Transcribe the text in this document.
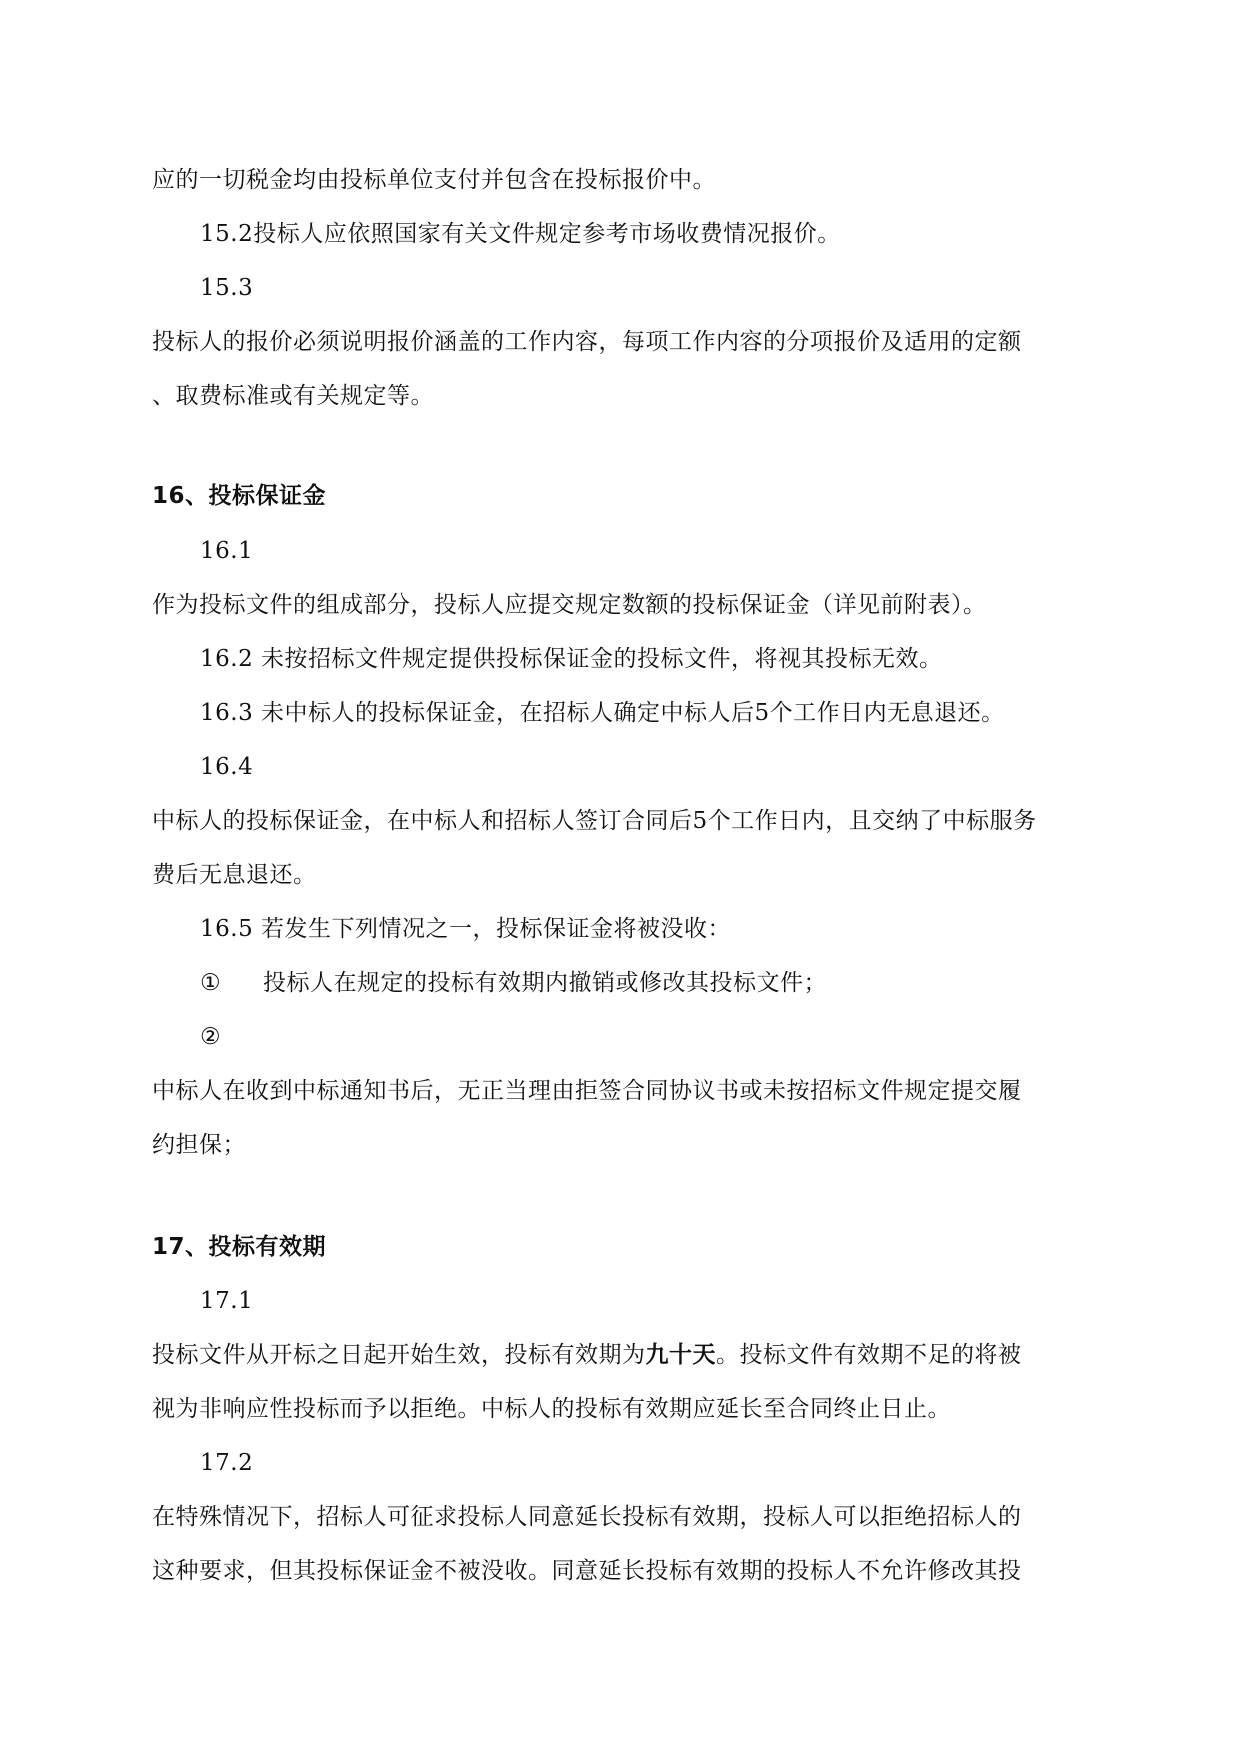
应的一切税金均由投标单位支付并包含在投标报价中。
15.2投标人应依照国家有关文件规定参考市场收费情况报价。
15.3
投标人的报价必须说明报价涵盖的工作内容，每项工作内容的分项报价及适用的定额
、取费标准或有关规定等。
16、投标保证金
16.1
作为投标文件的组成部分，投标人应提交规定数额的投标保证金（详见前附表）。
16.2 未按招标文件规定提供投标保证金的投标文件，将视其投标无效。
16.3 未中标人的投标保证金，在招标人确定中标人后5个工作日内无息退还。
16.4
中标人的投标保证金，在中标人和招标人签订合同后5个工作日内，且交纳了中标服务
费后无息退还。
16.5 若发生下列情况之一，投标保证金将被没收：
① 投标人在规定的投标有效期内撤销或修改其投标文件；
②
中标人在收到中标通知书后，无正当理由拒签合同协议书或未按招标文件规定提交履
约担保；
17、投标有效期
17.1
投标文件从开标之日起开始生效，投标有效期为九十天。投标文件有效期不足的将被
视为非响应性投标而予以拒绝。中标人的投标有效期应延长至合同终止日止。
17.2
在特殊情况下，招标人可征求投标人同意延长投标有效期，投标人可以拒绝招标人的
这种要求，但其投标保证金不被没收。同意延长投标有效期的投标人不允许修改其投
